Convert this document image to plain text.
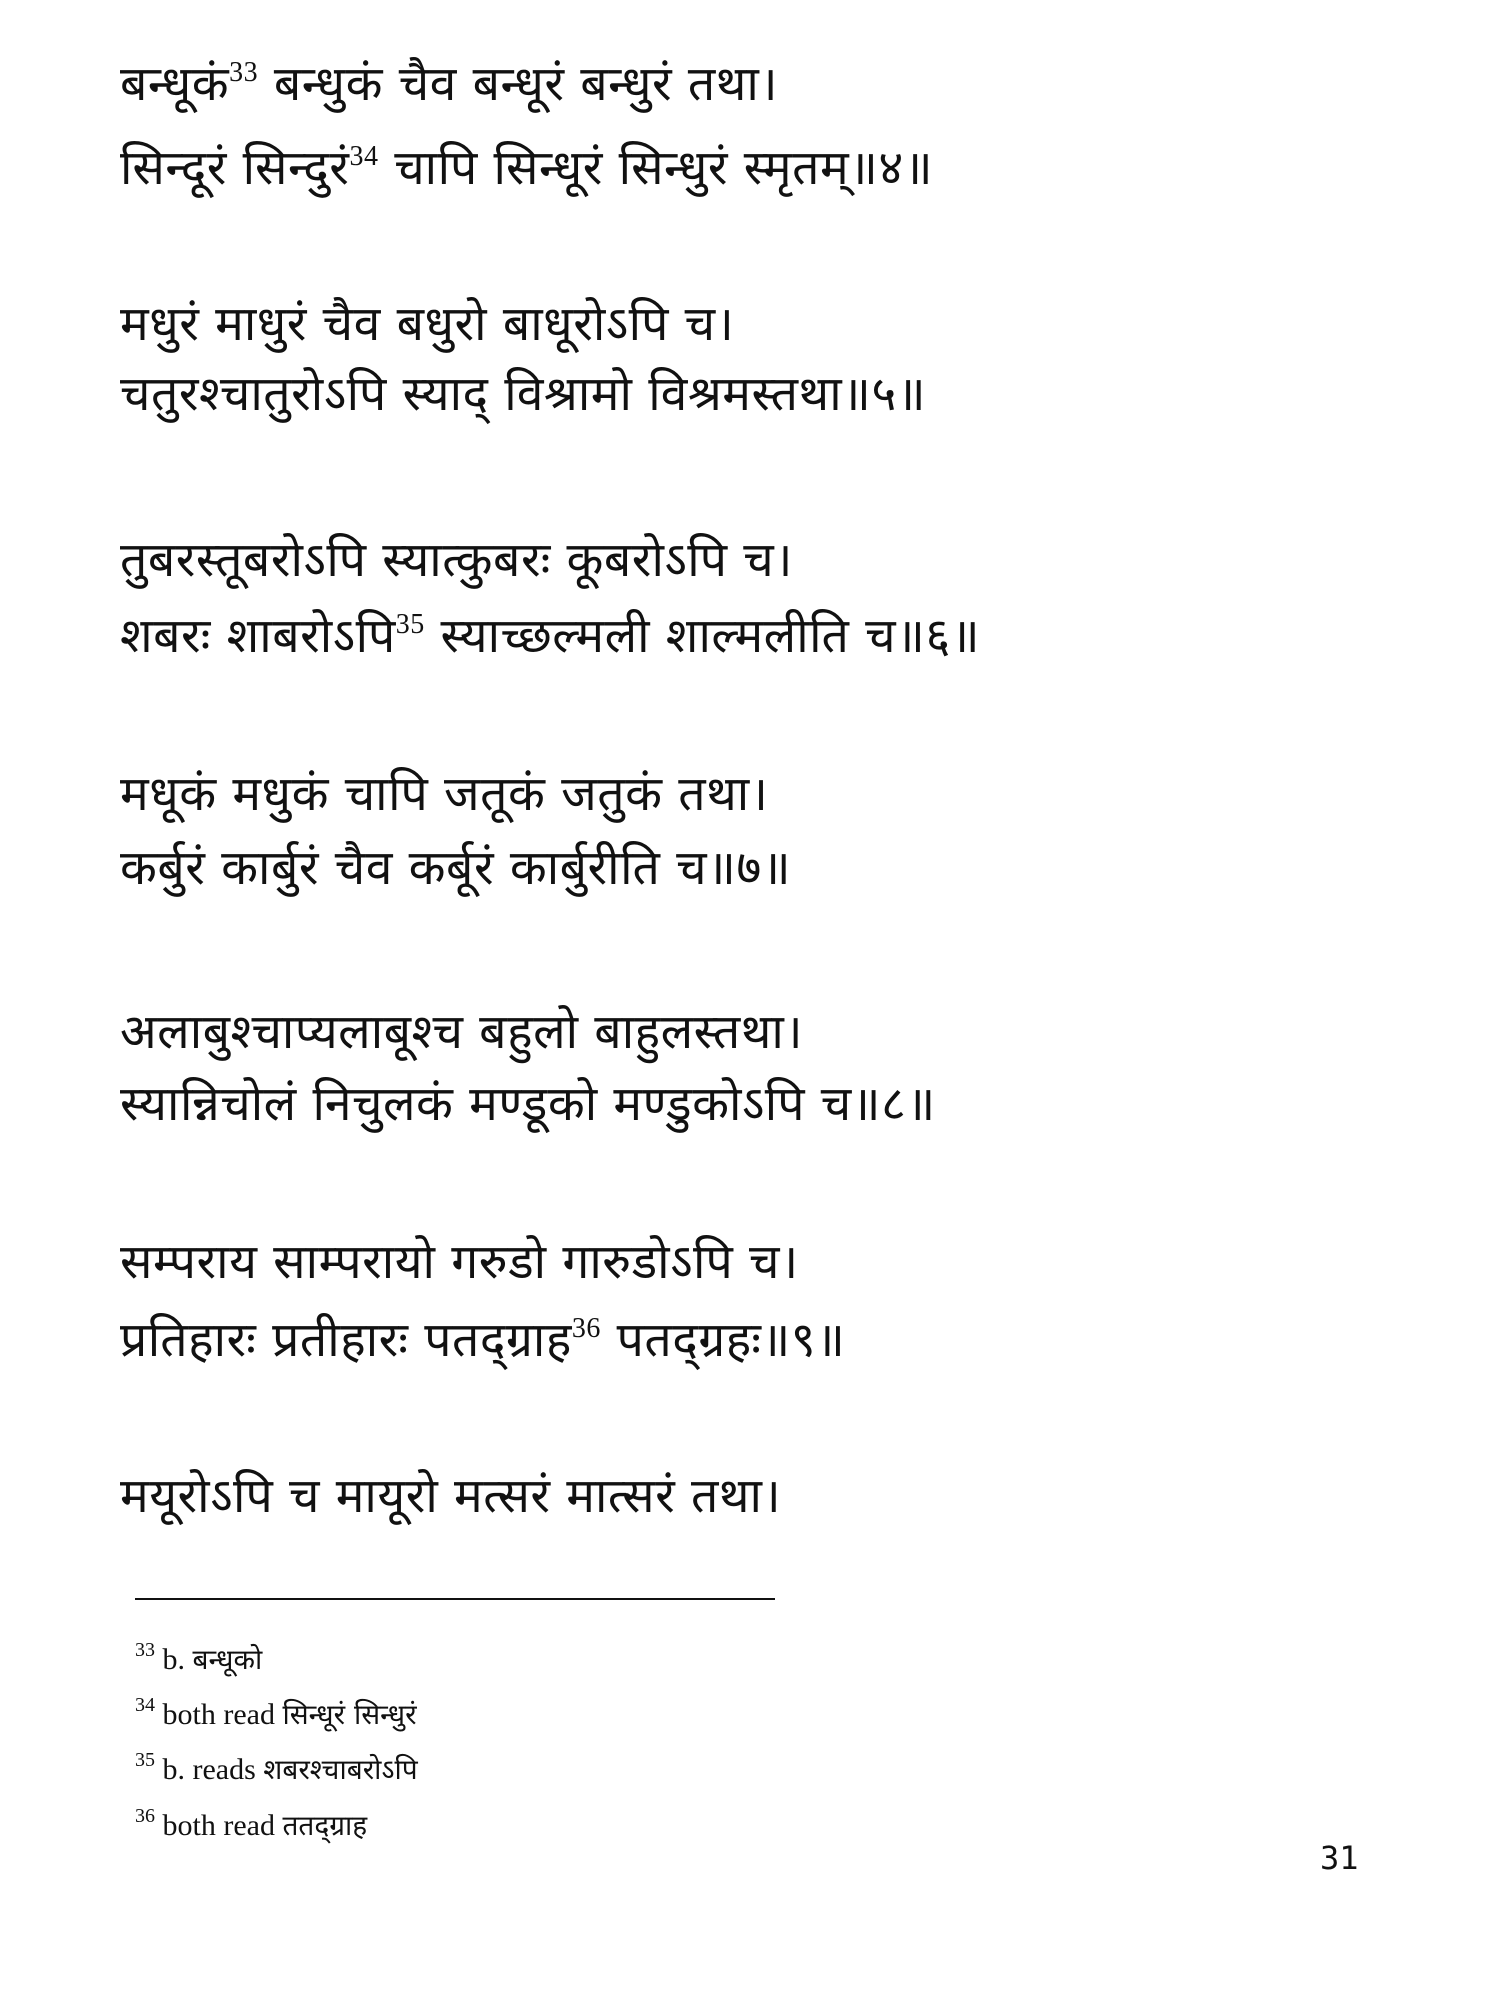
बन्धूकं$^{33}$ बन्धुकं चैव बन्धूरं बन्धुरं तथा।
सिन्दूरं सिन्दुरं$^{34}$ चापि सिन्धूरं सिन्धुरं स्मृतम्॥४॥
मधुरं माधुरं चैव बधुरो बाधूरोऽपि च।
चतुरश्चातुरोऽपि स्याद् विश्रामो विश्रमस्तथा॥५॥
तुबरस्तूबरोऽपि स्यात्कुबरः कूबरोऽपि च।
शबरः शाबरोऽपि$^{35}$ स्याच्छल्मली शाल्मलीति च॥६॥
मधूकं मधुकं चापि जतूकं जतुकं तथा।
कर्बुरं कार्बुरं चैव कर्बूरं कार्बुरीति च॥७॥
अलाबुश्चाप्यलाबूश्च बहुलो बाहुलस्तथा।
स्यान्निचोलं निचुलकं मण्डूको मण्डुकोऽपि च॥८॥
सम्पराय साम्परायो गरुडो गारुडोऽपि च।
प्रतिहारः प्रतीहारः पतद्ग्राह$^{36}$ पतद्ग्रहः॥९॥
मयूरोऽपि च मायूरो मत्सरं मात्सरं तथा।
$^{33}$ b. बन्धूको
$^{34}$ both read सिन्धूरं सिन्धुरं
$^{35}$ b. reads शबरश्चाबरोऽपि
$^{36}$ both read ततद्ग्राह
31
